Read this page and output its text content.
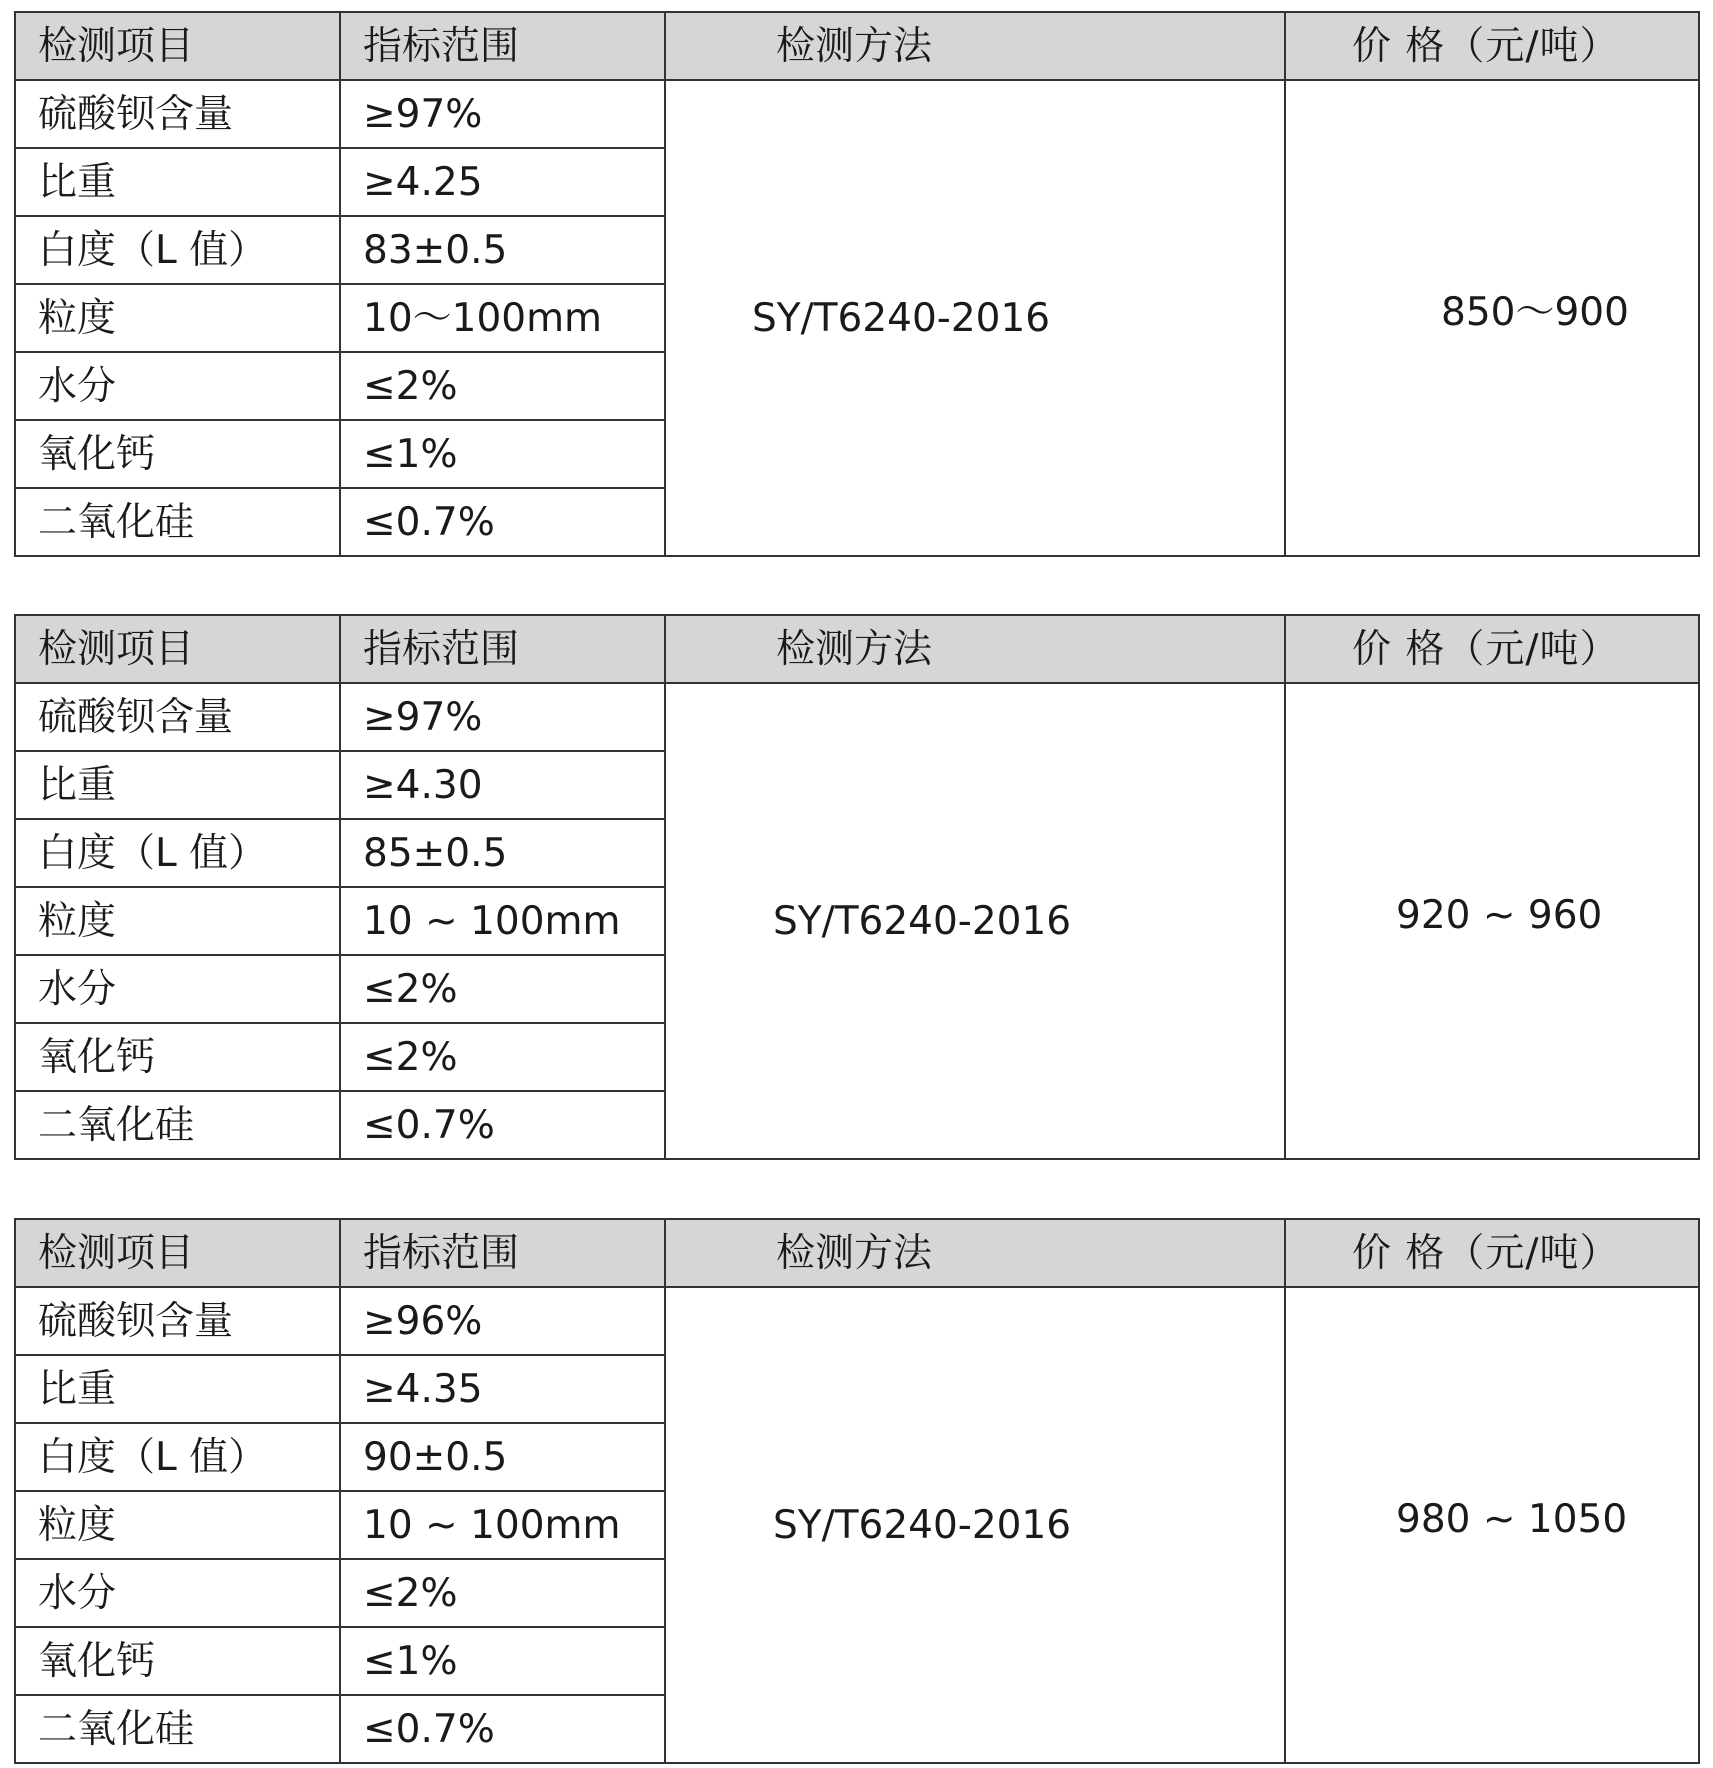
检测项目	指标范围	检测方法	价 格（元/吨）
硫酸钡含量	≥97%	SY/T6240-2016	850～900
比重	≥4.25		
白度（L 值）	83±0.5		
粒度	10～100mm		
水分	≤2%		
氧化钙	≤1%		
二氧化硅	≤0.7%		
检测项目	指标范围	检测方法	价 格（元/吨）
硫酸钡含量	≥97%	SY/T6240-2016	920 ~ 960
比重	≥4.30		
白度（L 值）	85±0.5		
粒度	10 ~ 100mm		
水分	≤2%		
氧化钙	≤2%		
二氧化硅	≤0.7%		
检测项目	指标范围	检测方法	价 格（元/吨）
硫酸钡含量	≥96%	SY/T6240-2016	980 ~ 1050
比重	≥4.35		
白度（L 值）	90±0.5		
粒度	10 ~ 100mm		
水分	≤2%		
氧化钙	≤1%		
二氧化硅	≤0.7%		
